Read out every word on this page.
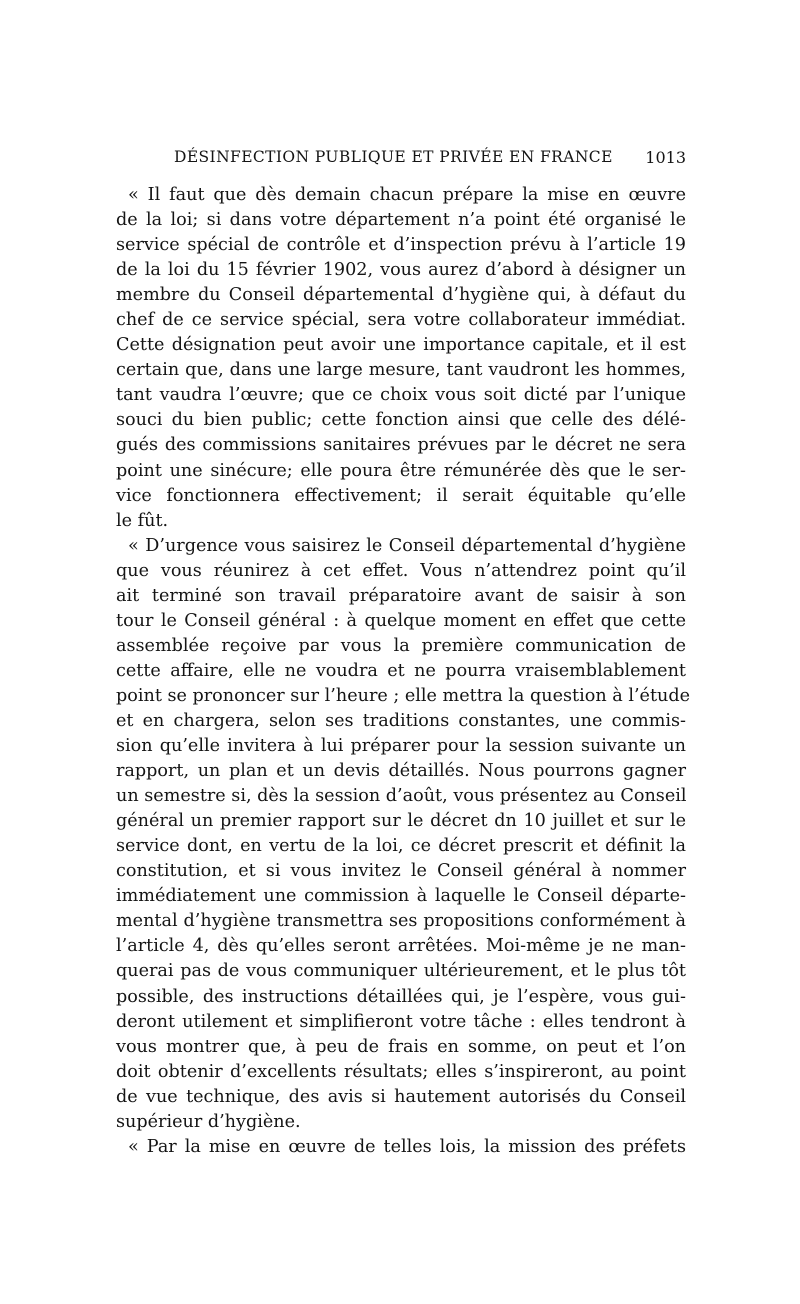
DÉSINFECTION PUBLIQUE ET PRIVÉE EN FRANCE 1013
« Il faut que dès demain chacun prépare la mise en œuvre
de la loi; si dans votre département n’a point été organisé le
service spécial de contrôle et d’inspection prévu à l’article 19
de la loi du 15 février 1902, vous aurez d’abord à désigner un
membre du Conseil départemental d’hygiène qui, à défaut du
chef de ce service spécial, sera votre collaborateur immédiat.
Cette désignation peut avoir une importance capitale, et il est
certain que, dans une large mesure, tant vaudront les hommes,
tant vaudra l’œuvre; que ce choix vous soit dicté par l’unique
souci du bien public; cette fonction ainsi que celle des délé-
gués des commissions sanitaires prévues par le décret ne sera
point une sinécure; elle poura être rémunérée dès que le ser-
vice fonctionnera effectivement; il serait équitable qu’elle
le fût.
« D’urgence vous saisirez le Conseil départemental d’hygiène
que vous réunirez à cet effet. Vous n’attendrez point qu’il
ait terminé son travail préparatoire avant de saisir à son
tour le Conseil général : à quelque moment en effet que cette
assemblée reçoive par vous la première communication de
cette affaire, elle ne voudra et ne pourra vraisemblablement
point se prononcer sur l’heure ; elle mettra la question à l’étude
et en chargera, selon ses traditions constantes, une commis-
sion qu’elle invitera à lui préparer pour la session suivante un
rapport, un plan et un devis détaillés. Nous pourrons gagner
un semestre si, dès la session d’août, vous présentez au Conseil
général un premier rapport sur le décret dn 10 juillet et sur le
service dont, en vertu de la loi, ce décret prescrit et définit la
constitution, et si vous invitez le Conseil général à nommer
immédiatement une commission à laquelle le Conseil départe-
mental d’hygiène transmettra ses propositions conformément à
l’article 4, dès qu’elles seront arrêtées. Moi-même je ne man-
querai pas de vous communiquer ultérieurement, et le plus tôt
possible, des instructions détaillées qui, je l’espère, vous gui-
deront utilement et simplifieront votre tâche : elles tendront à
vous montrer que, à peu de frais en somme, on peut et l’on
doit obtenir d’excellents résultats; elles s’inspireront, au point
de vue technique, des avis si hautement autorisés du Conseil
supérieur d’hygiène.
« Par la mise en œuvre de telles lois, la mission des préfets
